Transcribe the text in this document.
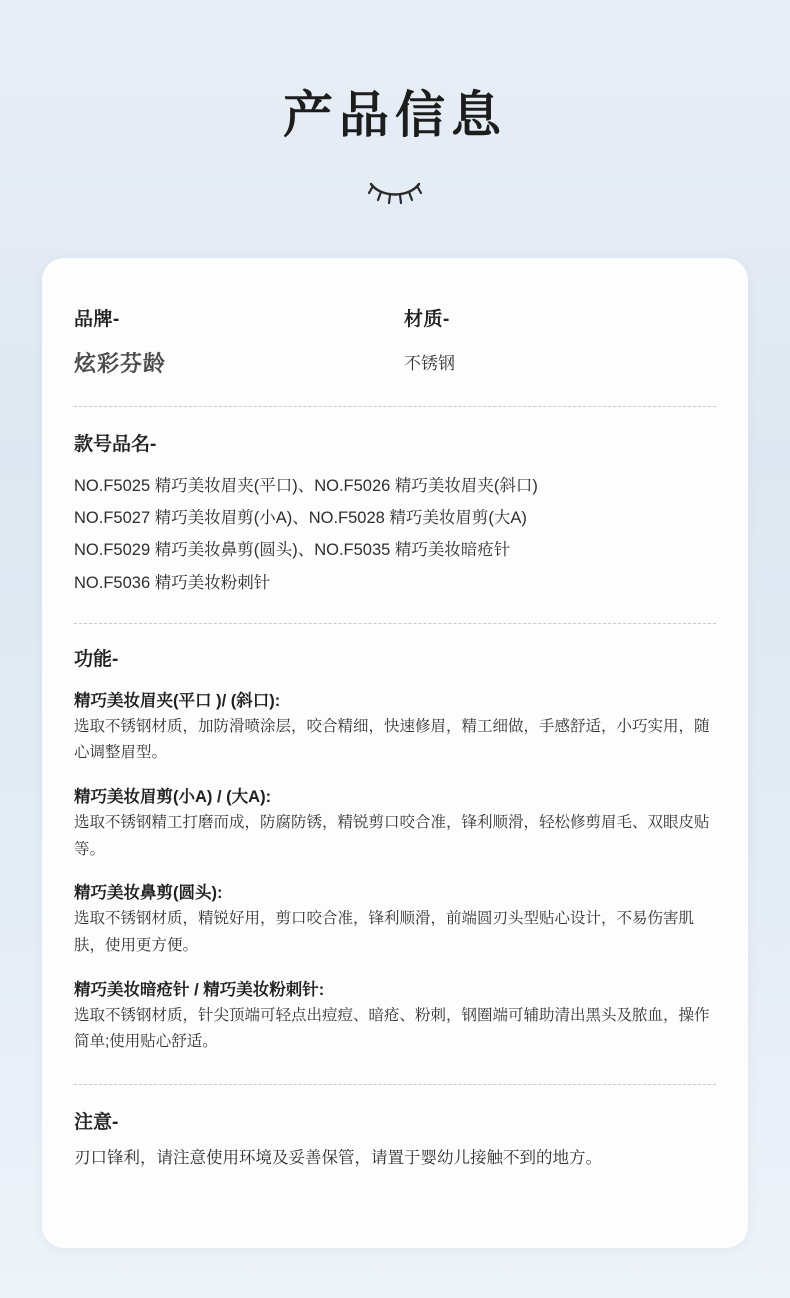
产品信息
品牌-
炫彩芬龄
材质-
不锈钢
款号品名-
NO.F5025 精巧美妆眉夹(平口)、NO.F5026 精巧美妆眉夹(斜口)
NO.F5027 精巧美妆眉剪(小A)、NO.F5028 精巧美妆眉剪(大A)
NO.F5029 精巧美妆鼻剪(圆头)、NO.F5035 精巧美妆暗疮针
NO.F5036 精巧美妆粉刺针
功能-
精巧美妆眉夹(平口 )/ (斜口):
选取不锈钢材质，加防滑喷涂层，咬合精细，快速修眉，精工细做，手感舒适，小巧实用，随心调整眉型。
精巧美妆眉剪(小A) / (大A):
选取不锈钢精工打磨而成，防腐防锈，精锐剪口咬合准，锋利顺滑，轻松修剪眉毛、双眼皮贴等。
精巧美妆鼻剪(圆头):
选取不锈钢材质，精锐好用，剪口咬合准，锋利顺滑，前端圆刃头型贴心设计，不易伤害肌肤，使用更方便。
精巧美妆暗疮针 / 精巧美妆粉刺针:
选取不锈钢材质，针尖顶端可轻点出痘痘、暗疮、粉刺，钢圈端可辅助清出黑头及脓血，操作简单;使用贴心舒适。
注意-
刃口锋利，请注意使用环境及妥善保管，请置于婴幼儿接触不到的地方。
